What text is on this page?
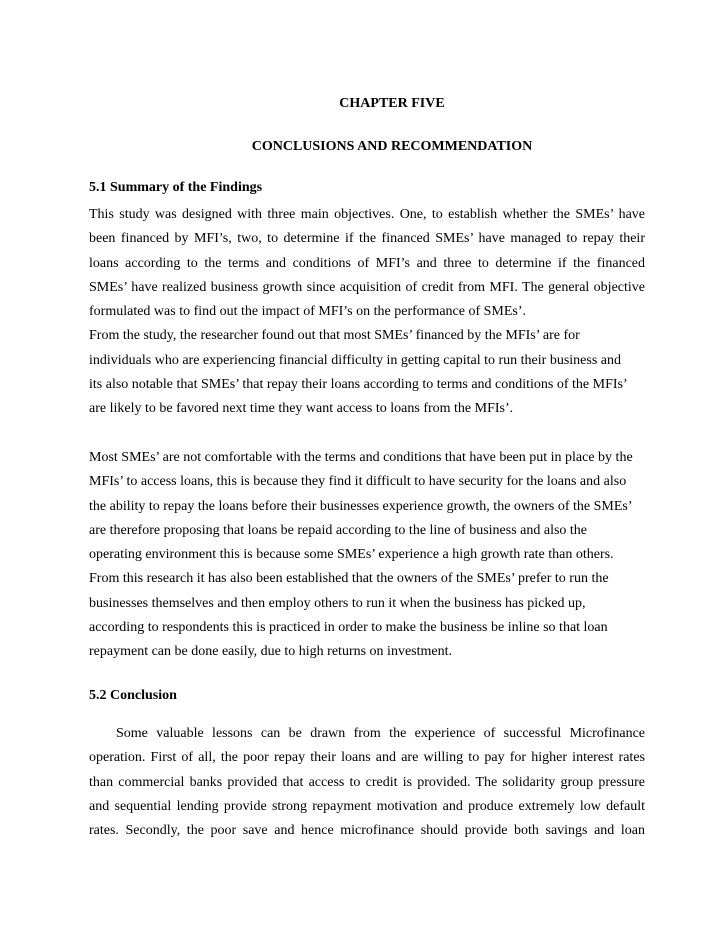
CHAPTER FIVE
CONCLUSIONS AND RECOMMENDATION
5.1 Summary of the Findings
This study was designed with three main objectives. One, to establish whether the SMEs’ have
been financed by MFI’s, two, to determine if the financed SMEs’ have managed to repay their
loans according to the terms and conditions of MFI’s and three to determine if the financed
SMEs’ have realized business growth since acquisition of credit from MFI. The general objective
formulated was to find out the impact of MFI’s on the performance of SMEs’.
From the study, the researcher found out that most SMEs’ financed by the MFIs’ are for
individuals who are experiencing financial difficulty in getting capital to run their business and
its also notable that SMEs’ that repay their loans according to terms and conditions of the MFIs’
are likely to be favored next time they want access to loans from the MFIs’.
Most SMEs’ are not comfortable with the terms and conditions that have been put in place by the
MFIs’ to access loans, this is because they find it difficult to have security for the loans and also
the ability to repay the loans before their businesses experience growth, the owners of the SMEs’
are therefore proposing that loans be repaid according to the line of business and also the
operating environment this is because some SMEs’ experience a high growth rate than others.
From this research it has also been established that the owners of the SMEs’ prefer to run the
businesses themselves and then employ others to run it when the business has picked up,
according to respondents this is practiced in order to make the business be inline so that loan
repayment can be done easily, due to high returns on investment.
5.2 Conclusion
Some valuable lessons can be drawn from the experience of successful Microfinance
operation. First of all, the poor repay their loans and are willing to pay for higher interest rates
than commercial banks provided that access to credit is provided. The solidarity group pressure
and sequential lending provide strong repayment motivation and produce extremely low default
rates. Secondly, the poor save and hence microfinance should provide both savings and loan
